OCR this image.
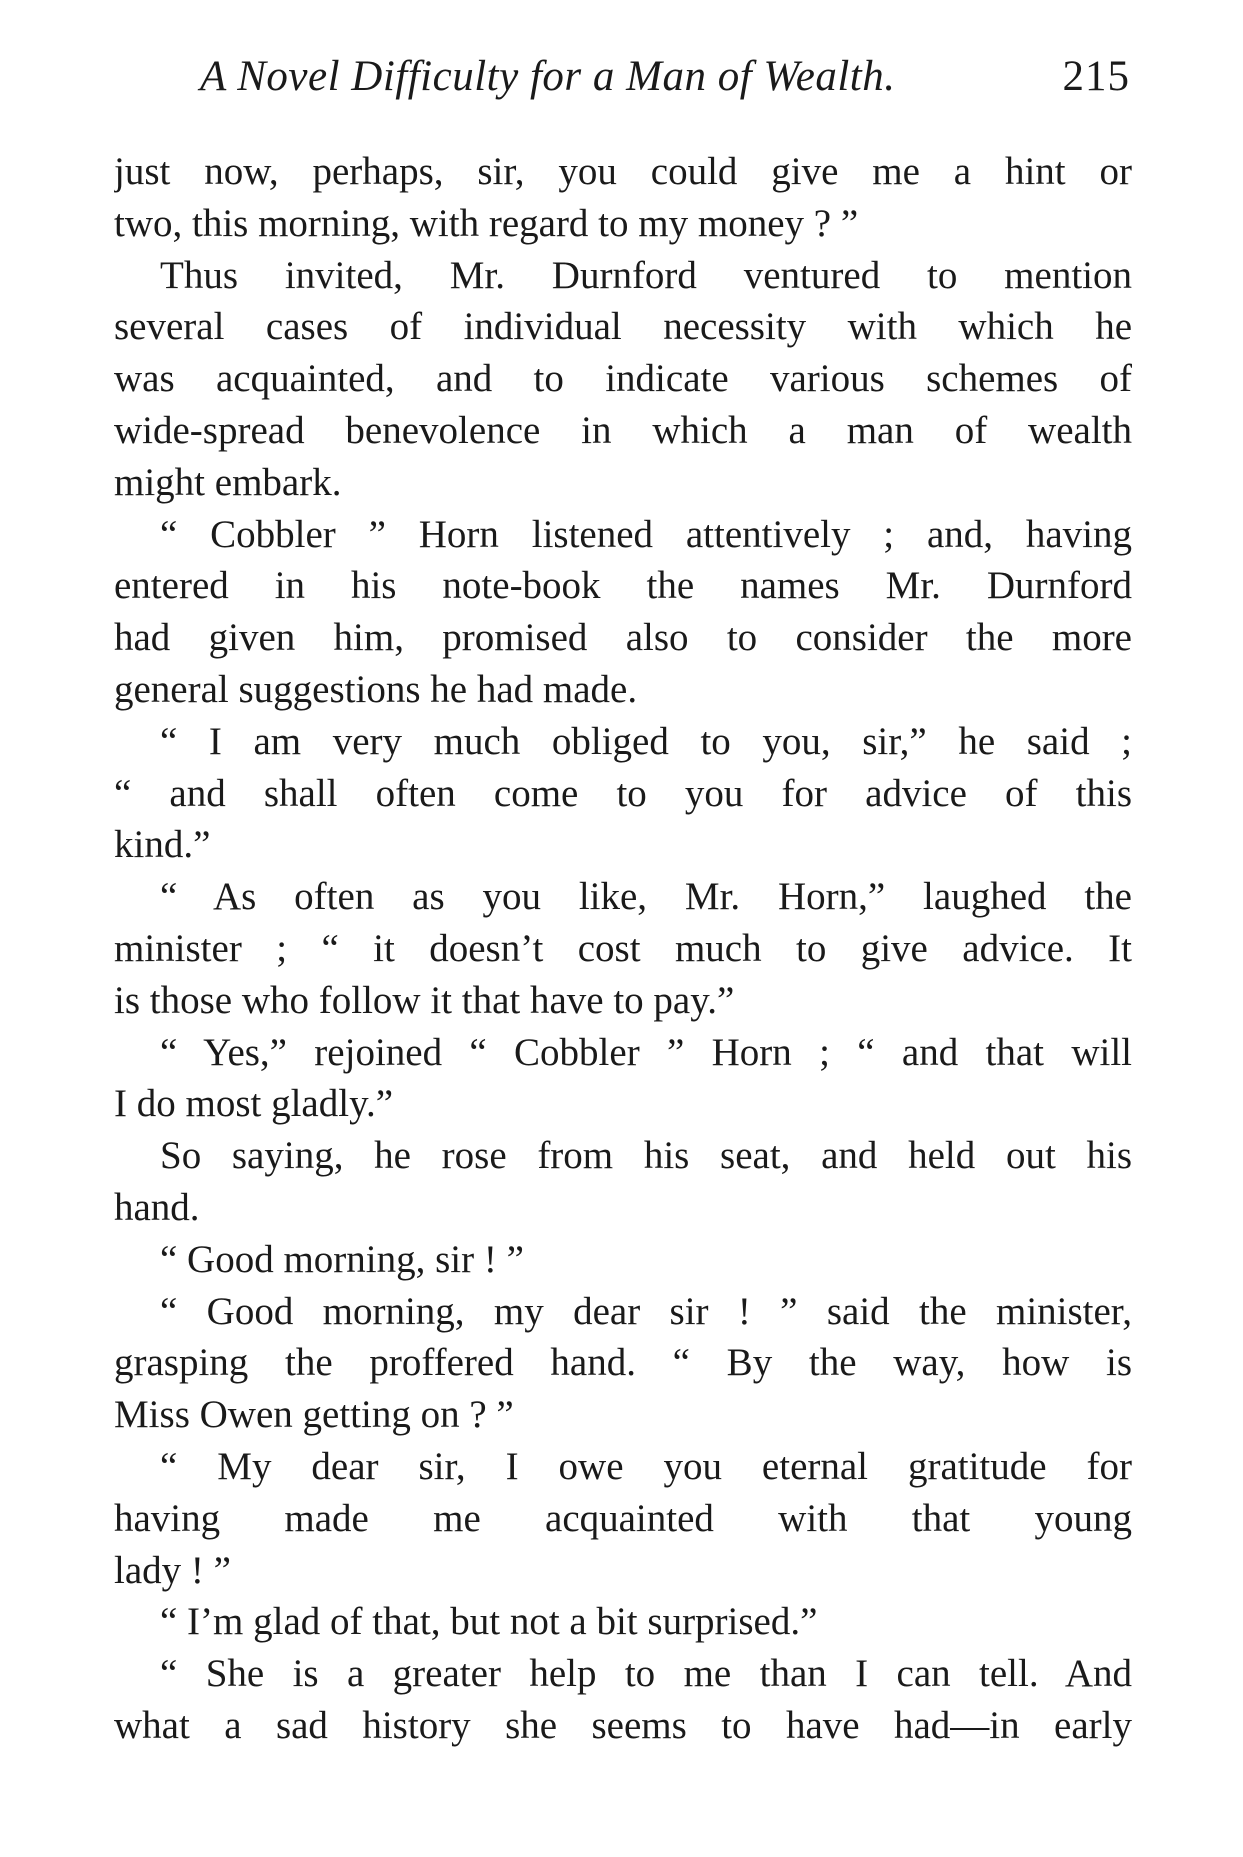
A Novel Difficulty for a Man of Wealth.	215
just now, perhaps, sir, you could give me a hint or
two, this morning, with regard to my money ? ”
Thus invited, Mr. Durnford ventured to mention
several cases of individual necessity with which he
was acquainted, and to indicate various schemes of
wide-spread benevolence in which a man of wealth
might embark.
“ Cobbler ” Horn listened attentively ; and, having
entered in his note-book the names Mr. Durnford
had given him, promised also to consider the more
general suggestions he had made.
“ I am very much obliged to you, sir,” he said ;
“ and shall often come to you for advice of this
kind.”
“ As often as you like, Mr. Horn,” laughed the
minister ; “ it doesn’t cost much to give advice. It
is those who follow it that have to pay.”
“ Yes,” rejoined “ Cobbler ” Horn ; “ and that will
I do most gladly.”
So saying, he rose from his seat, and held out his
hand.
“ Good morning, sir ! ”
“ Good morning, my dear sir ! ” said the minister,
grasping the proffered hand. “ By the way, how is
Miss Owen getting on ? ”
“ My dear sir, I owe you eternal gratitude for
having made me acquainted with that young
lady ! ”
“ I’m glad of that, but not a bit surprised.”
“ She is a greater help to me than I can tell. And
what a sad history she seems to have had—in early
